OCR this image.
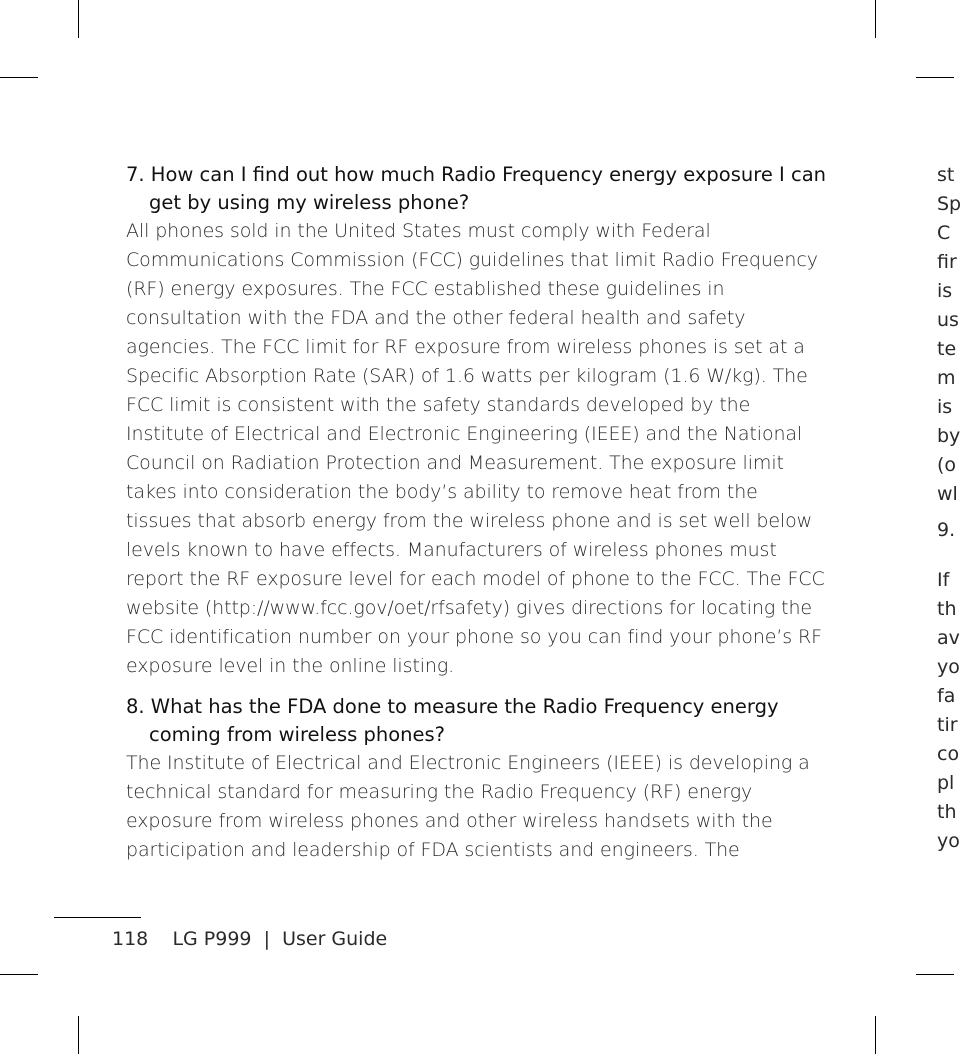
7. How can I find out how much Radio Frequency energy exposure I can get by using my wireless phone?

All phones sold in the United States must comply with Federal Communications Commission (FCC) guidelines that limit Radio Frequency (RF) energy exposures. The FCC established these guidelines in consultation with the FDA and the other federal health and safety agencies. The FCC limit for RF exposure from wireless phones is set at a Specific Absorption Rate (SAR) of 1.6 watts per kilogram (1.6 W/kg). The FCC limit is consistent with the safety standards developed by the Institute of Electrical and Electronic Engineering (IEEE) and the National Council on Radiation Protection and Measurement. The exposure limit takes into consideration the body’s ability to remove heat from the tissues that absorb energy from the wireless phone and is set well below levels known to have effects. Manufacturers of wireless phones must report the RF exposure level for each model of phone to the FCC. The FCC website (http://www.fcc.gov/oet/rfsafety) gives directions for locating the FCC identification number on your phone so you can find your phone’s RF exposure level in the online listing.

8. What has the FDA done to measure the Radio Frequency energy coming from wireless phones?

The Institute of Electrical and Electronic Engineers (IEEE) is developing a technical standard for measuring the Radio Frequency (RF) energy exposure from wireless phones and other wireless handsets with the participation and leadership of FDA scientists and engineers. The

st
Sp
C
fir
is
us
te
m
is
by
(o
wl
9.
If
th
av
yo
fa
tir
co
pl
th
yo
118 LG P999  |  User Guide
